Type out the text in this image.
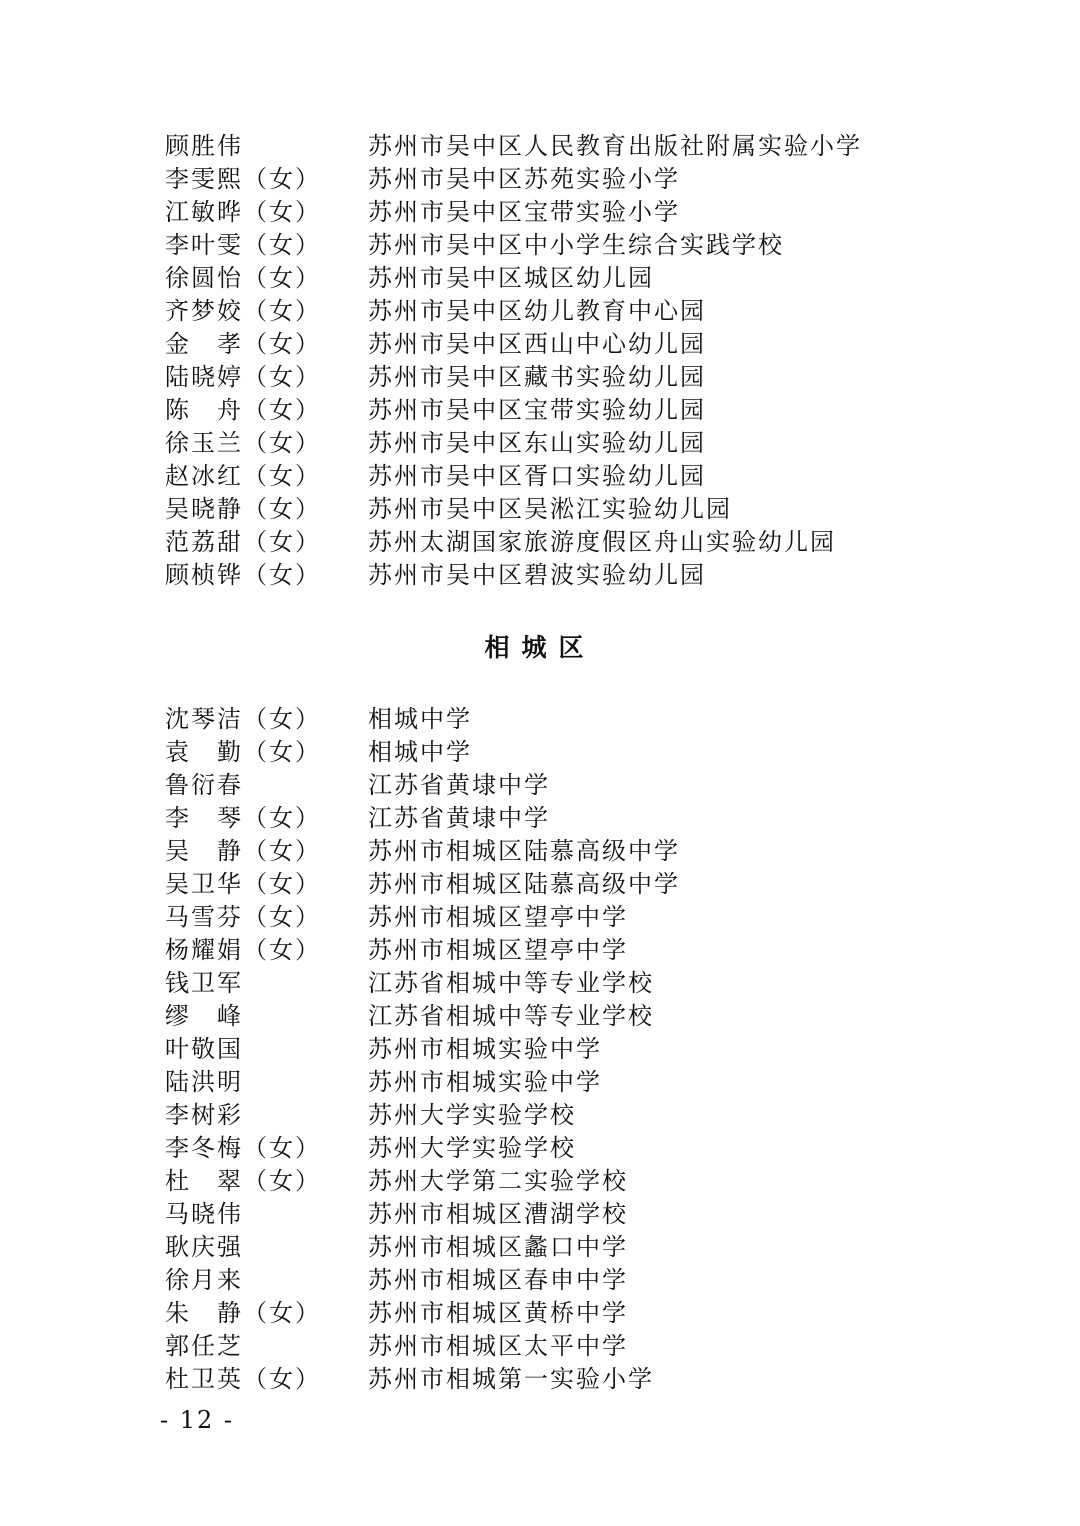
顾胜伟	苏州市吴中区人民教育出版社附属实验小学
李雯熙（女）	苏州市吴中区苏苑实验小学
江敏晔（女）	苏州市吴中区宝带实验小学
李叶雯（女）	苏州市吴中区中小学生综合实践学校
徐圆怡（女）	苏州市吴中区城区幼儿园
齐梦姣（女）	苏州市吴中区幼儿教育中心园
金　孝（女）	苏州市吴中区西山中心幼儿园
陆晓婷（女）	苏州市吴中区藏书实验幼儿园
陈　舟（女）	苏州市吴中区宝带实验幼儿园
徐玉兰（女）	苏州市吴中区东山实验幼儿园
赵冰红（女）	苏州市吴中区胥口实验幼儿园
吴晓静（女）	苏州市吴中区吴淞江实验幼儿园
范荔甜（女）	苏州太湖国家旅游度假区舟山实验幼儿园
顾桢铧（女）	苏州市吴中区碧波实验幼儿园
相城区
沈琴洁（女）	相城中学
袁　勤（女）	相城中学
鲁衍春	江苏省黄埭中学
李　琴（女）	江苏省黄埭中学
吴　静（女）	苏州市相城区陆慕高级中学
吴卫华（女）	苏州市相城区陆慕高级中学
马雪芬（女）	苏州市相城区望亭中学
杨耀娟（女）	苏州市相城区望亭中学
钱卫军	江苏省相城中等专业学校
缪　峰	江苏省相城中等专业学校
叶敬国	苏州市相城实验中学
陆洪明	苏州市相城实验中学
李树彩	苏州大学实验学校
李冬梅（女）	苏州大学实验学校
杜　翠（女）	苏州大学第二实验学校
马晓伟	苏州市相城区漕湖学校
耿庆强	苏州市相城区蠡口中学
徐月来	苏州市相城区春申中学
朱　静（女）	苏州市相城区黄桥中学
郭任芝	苏州市相城区太平中学
杜卫英（女）	苏州市相城第一实验小学
- 12 -
